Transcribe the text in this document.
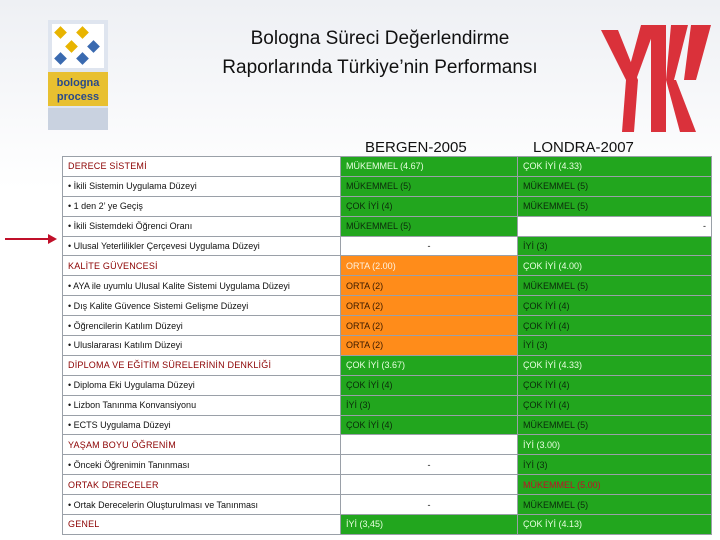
Bologna Süreci Değerlendirme
Raporlarında Türkiye’nin Performansı
bologna
process
BERGEN-2005	LONDRA-2007
DERECE SİSTEMİ	MÜKEMMEL (4.67)	ÇOK İYİ (4.33)
• İkili Sistemin Uygulama Düzeyi	MÜKEMMEL (5)	MÜKEMMEL (5)
• 1 den 2’ ye Geçiş	ÇOK İYİ (4)	MÜKEMMEL (5)
• İkili Sistemdeki Öğrenci Oranı	MÜKEMMEL (5)	-
• Ulusal Yeterlilikler Çerçevesi Uygulama Düzeyi	-	İYİ (3)
KALİTE GÜVENCESİ	ORTA (2.00)	ÇOK İYİ (4.00)
• AYA ile uyumlu Ulusal Kalite Sistemi Uygulama Düzeyi	ORTA (2)	MÜKEMMEL (5)
• Dış Kalite Güvence Sistemi Gelişme Düzeyi	ORTA (2)	ÇOK İYİ (4)
• Öğrencilerin Katılım Düzeyi	ORTA (2)	ÇOK İYİ (4)
• Uluslararası Katılım Düzeyi	ORTA (2)	İYİ (3)
DİPLOMA VE EĞİTİM SÜRELERİNİN DENKLİĞİ	ÇOK İYİ (3.67)	ÇOK İYİ (4.33)
• Diploma Eki Uygulama Düzeyi	ÇOK İYİ (4)	ÇOK İYİ (4)
• Lizbon Tanınma Konvansiyonu	İYİ (3)	ÇOK İYİ (4)
• ECTS Uygulama Düzeyi	ÇOK İYİ (4)	MÜKEMMEL (5)
YAŞAM BOYU ÖĞRENİM		İYİ (3.00)
• Önceki Öğrenimin Tanınması	-	İYİ (3)
ORTAK DERECELER		MÜKEMMEL (5.00)
• Ortak Derecelerin Oluşturulması ve Tanınması	-	MÜKEMMEL (5)
GENEL	İYİ (3,45)	ÇOK İYİ (4.13)
